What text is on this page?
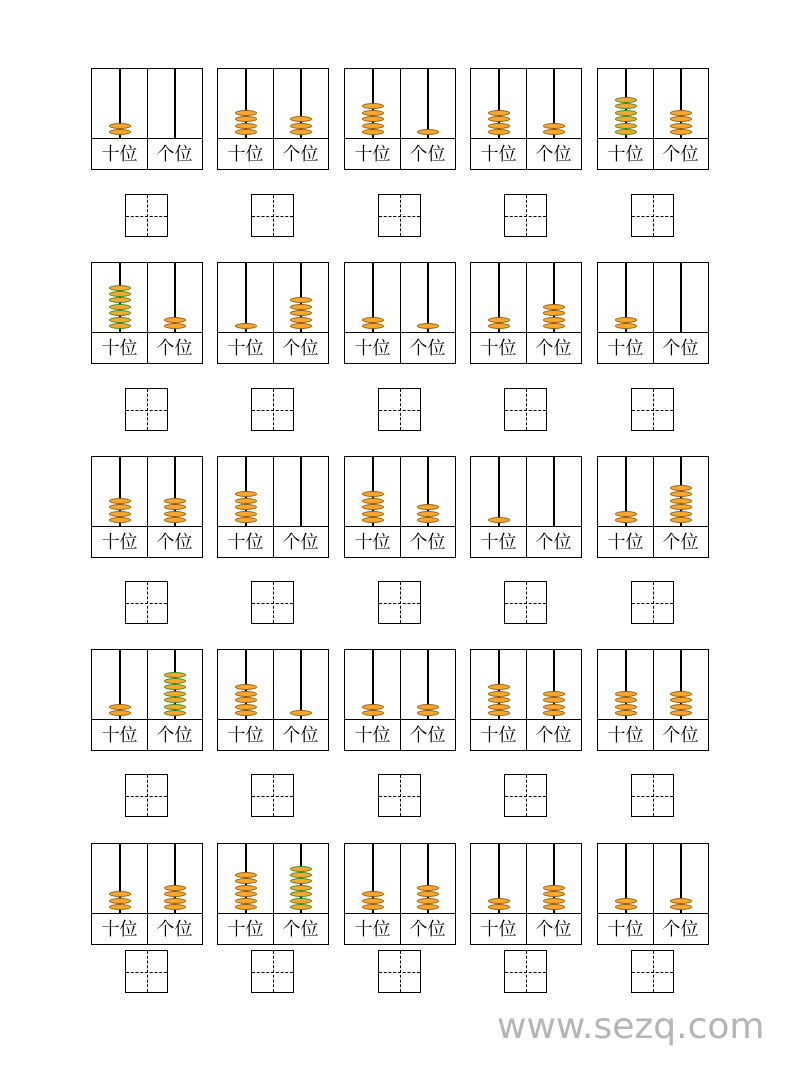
十位	个位	十位	个位	十位	个位	十位	个位	十位	个位
十位	个位	十位	个位	十位	个位	十位	个位	十位	个位
十位	个位	十位	个位	十位	个位	十位	个位	十位	个位
十位	个位	十位	个位	十位	个位	十位	个位	十位	个位
十位	个位	十位	个位	十位	个位	十位	个位	十位	个位
www.sezq.com
